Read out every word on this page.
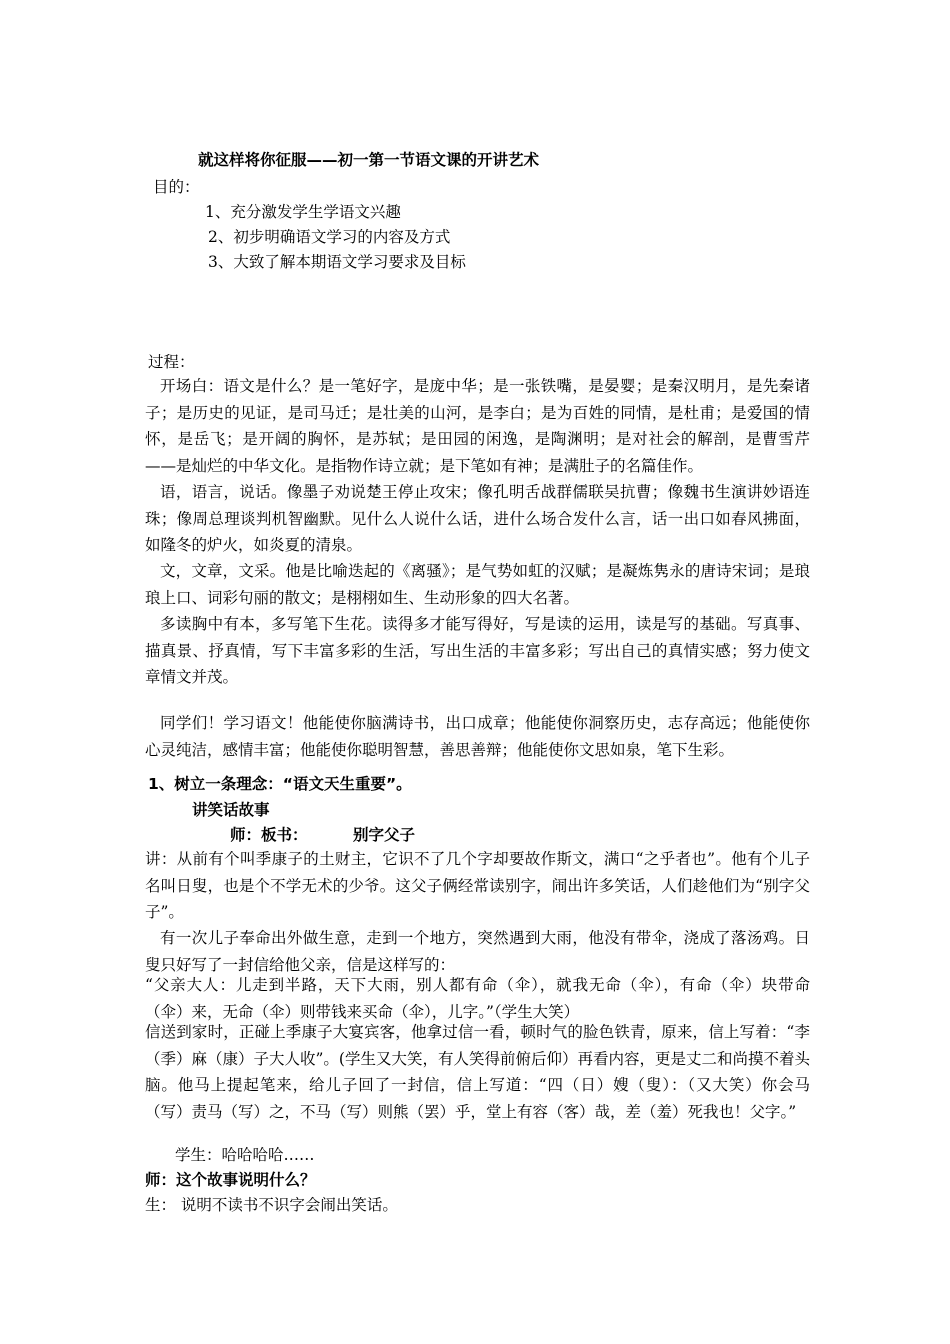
就这样将你征服——初一第一节语文课的开讲艺术
目的：
1、充分激发学生学语文兴趣
2、初步明确语文学习的内容及方式
3、大致了解本期语文学习要求及目标
过程：
开场白：语文是什么？是一笔好字，是庞中华；是一张铁嘴，是晏婴；是秦汉明月，是先秦诸子；是历史的见证，是司马迁；是壮美的山河，是李白；是为百姓的同情，是杜甫；是爱国的情怀，是岳飞；是开阔的胸怀，是苏轼；是田园的闲逸，是陶渊明；是对社会的解剖，是曹雪芹——是灿烂的中华文化。是指物作诗立就；是下笔如有神；是满肚子的名篇佳作。
语，语言，说话。像墨子劝说楚王停止攻宋；像孔明舌战群儒联吴抗曹；像魏书生演讲妙语连珠；像周总理谈判机智幽默。见什么人说什么话，进什么场合发什么言，话一出口如春风拂面，如隆冬的炉火，如炎夏的清泉。
文，文章，文采。他是比喻迭起的《离骚》；是气势如虹的汉赋；是凝炼隽永的唐诗宋词；是琅琅上口、词彩句丽的散文；是栩栩如生、生动形象的四大名著。
多读胸中有本，多写笔下生花。读得多才能写得好，写是读的运用，读是写的基础。写真事、描真景、抒真情，写下丰富多彩的生活，写出生活的丰富多彩；写出自己的真情实感；努力使文章情文并茂。
同学们！学习语文！他能使你脑满诗书，出口成章；他能使你洞察历史，志存高远；他能使你心灵纯洁，感情丰富；他能使你聪明智慧，善思善辩；他能使你文思如泉，笔下生彩。
1、树立一条理念：“语文天生重要”。
讲笑话故事
师：板书：	别字父子
讲：从前有个叫季康子的土财主，它识不了几个字却要故作斯文，满口“之乎者也”。他有个儿子名叫日叟，也是个不学无术的少爷。这父子俩经常读别字，闹出许多笑话，人们趁他们为“别字父子”。
有一次儿子奉命出外做生意，走到一个地方，突然遇到大雨，他没有带伞，浇成了落汤鸡。日叟只好写了一封信给他父亲，信是这样写的：
“父亲大人：儿走到半路，天下大雨，别人都有命（伞），就我无命（伞），有命（伞）块带命（伞）来，无命（伞）则带钱来买命（伞），儿字。”（学生大笑）
信送到家时，正碰上季康子大宴宾客，他拿过信一看，顿时气的脸色铁青，原来，信上写着：“李（季）麻（康）子大人收”。(学生又大笑，有人笑得前俯后仰）再看内容，更是丈二和尚摸不着头脑。他马上提起笔来，给儿子回了一封信，信上写道：“四（日）嫂（叟）：（又大笑）你会马（写）责马（写）之，不马（写）则熊（罢）乎，堂上有容（客）哉，差（羞）死我也！父字。”
学生：哈哈哈哈……
师：这个故事说明什么？
生： 说明不读书不识字会闹出笑话。
